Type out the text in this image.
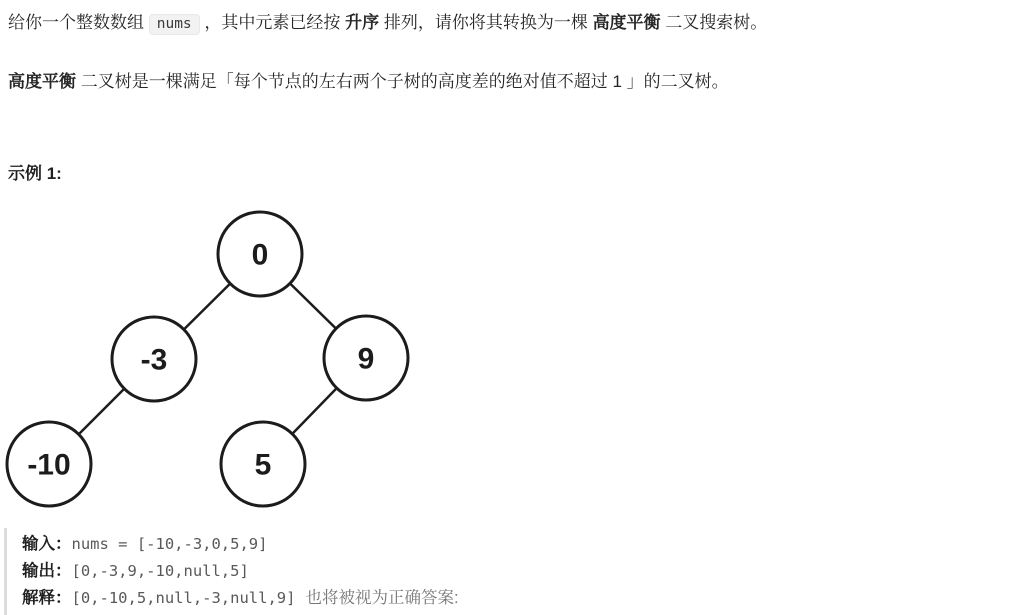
给你一个整数数组 nums ，其中元素已经按 升序 排列，请你将其转换为一棵 高度平衡 二叉搜索树。

高度平衡 二叉树是一棵满足「每个节点的左右两个子树的高度差的绝对值不超过 1 」的二叉树。

示例 1:

0
-3	9
-10	5
输入：nums = [-10,-3,0,5,9]
输出：[0,-3,9,-10,null,5]
解释：[0,-10,5,null,-3,null,9] 也将被视为正确答案:
